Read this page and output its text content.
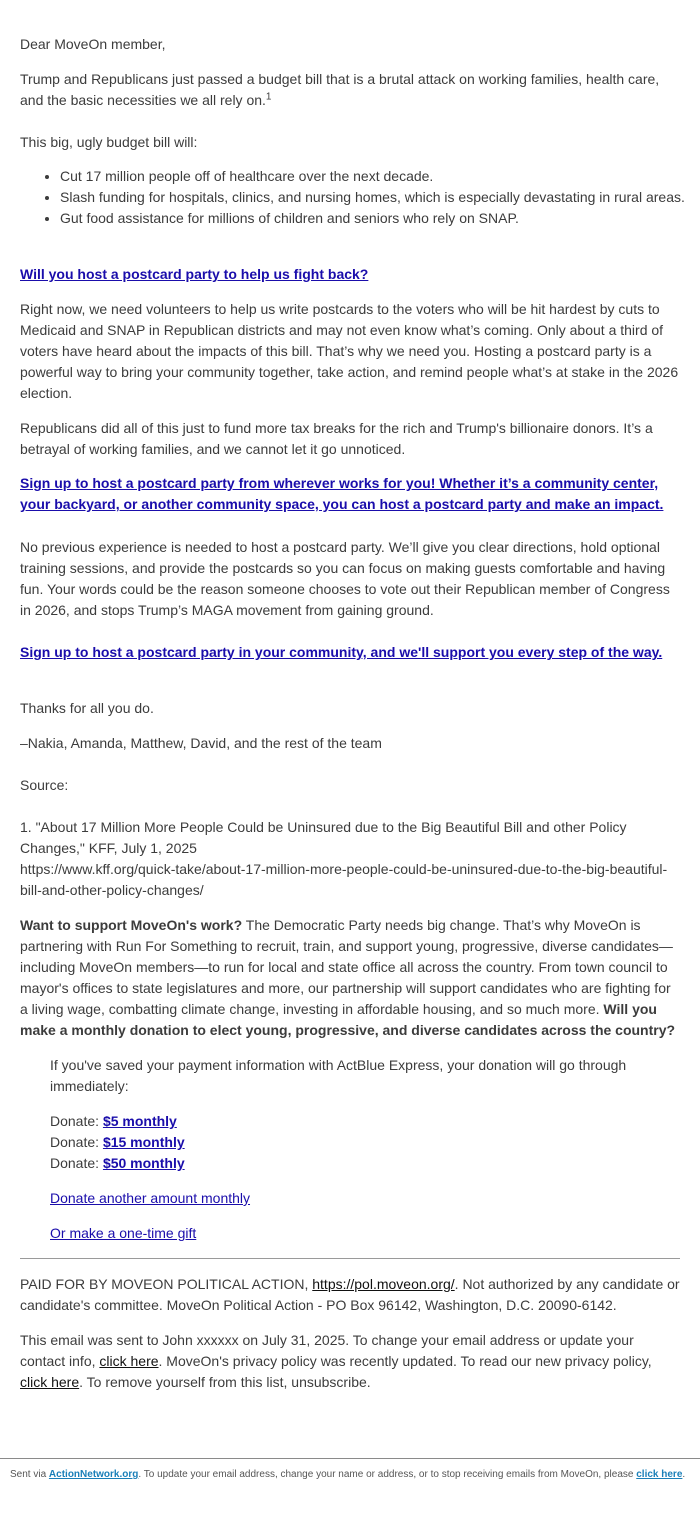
Dear MoveOn member,

Trump and Republicans just passed a budget bill that is a brutal attack on working families, health care, and the basic necessities we all rely on.$^1$

This big, ugly budget bill will:

• Cut 17 million people off of healthcare over the next decade.
• Slash funding for hospitals, clinics, and nursing homes, which is especially devastating in rural areas.
• Gut food assistance for millions of children and seniors who rely on SNAP.

Will you host a postcard party to help us fight back?

Right now, we need volunteers to help us write postcards to the voters who will be hit hardest by cuts to Medicaid and SNAP in Republican districts and may not even know what’s coming. Only about a third of voters have heard about the impacts of this bill. That’s why we need you. Hosting a postcard party is a powerful way to bring your community together, take action, and remind people what’s at stake in the 2026 election.

Republicans did all of this just to fund more tax breaks for the rich and Trump's billionaire donors. It’s a betrayal of working families, and we cannot let it go unnoticed.

Sign up to host a postcard party from wherever works for you! Whether it’s a community center, your backyard, or another community space, you can host a postcard party and make an impact.

No previous experience is needed to host a postcard party. We’ll give you clear directions, hold optional training sessions, and provide the postcards so you can focus on making guests comfortable and having fun. Your words could be the reason someone chooses to vote out their Republican member of Congress in 2026, and stops Trump’s MAGA movement from gaining ground.

Sign up to host a postcard party in your community, and we'll support you every step of the way.

Thanks for all you do.

–Nakia, Amanda, Matthew, David, and the rest of the team

Source:

1. "About 17 Million More People Could be Uninsured due to the Big Beautiful Bill and other Policy Changes," KFF, July 1, 2025
https://www.kff.org/quick-take/about-17-million-more-people-could-be-uninsured-due-to-the-big-beautiful-bill-and-other-policy-changes/

Want to support MoveOn's work? The Democratic Party needs big change. That’s why MoveOn is partnering with Run For Something to recruit, train, and support young, progressive, diverse candidates—including MoveOn members—to run for local and state office all across the country. From town council to mayor's offices to state legislatures and more, our partnership will support candidates who are fighting for a living wage, combatting climate change, investing in affordable housing, and so much more. Will you make a monthly donation to elect young, progressive, and diverse candidates across the country?

If you've saved your payment information with ActBlue Express, your donation will go through immediately:

Donate: $5 monthly
Donate: $15 monthly
Donate: $50 monthly

Donate another amount monthly

Or make a one-time gift

PAID FOR BY MOVEON POLITICAL ACTION, https://pol.moveon.org/. Not authorized by any candidate or candidate's committee. MoveOn Political Action - PO Box 96142, Washington, D.C. 20090-6142.

This email was sent to John xxxxxx on July 31, 2025. To change your email address or update your contact info, click here. MoveOn's privacy policy was recently updated. To read our new privacy policy, click here. To remove yourself from this list, unsubscribe.

Sent via ActionNetwork.org. To update your email address, change your name or address, or to stop receiving emails from MoveOn, please click here.
